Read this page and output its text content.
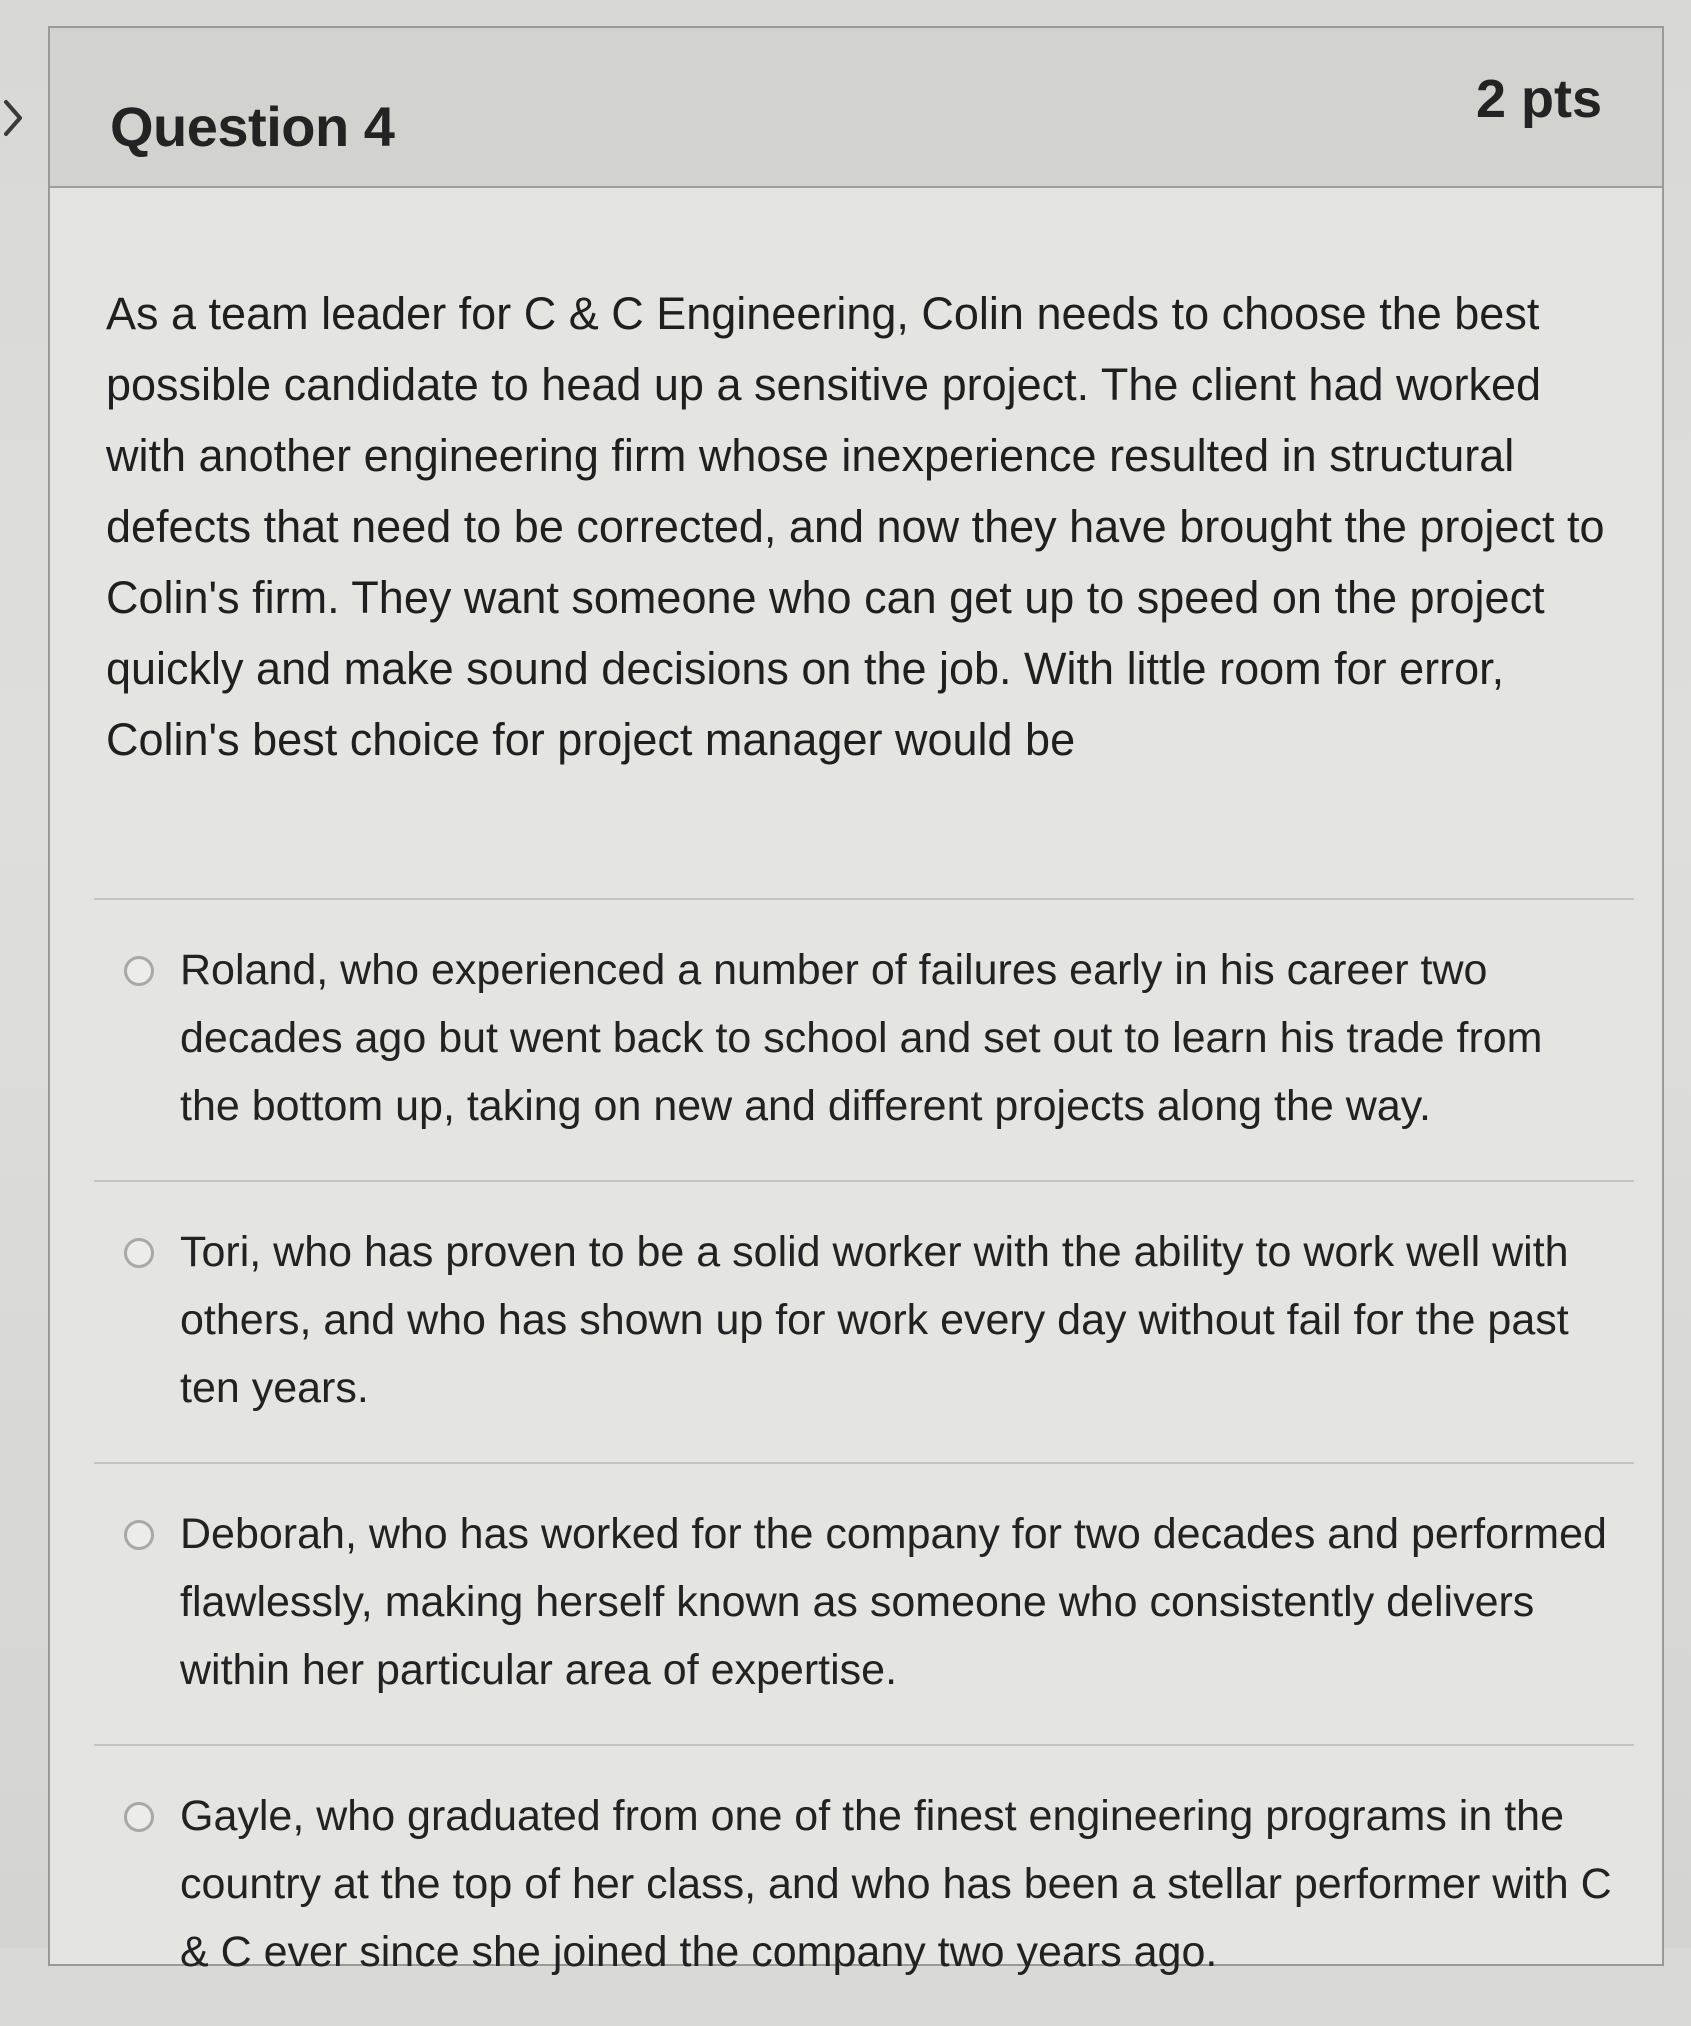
Question 4	2 pts
As a team leader for C & C Engineering, Colin needs to choose the best possible candidate to head up a sensitive project. The client had worked with another engineering firm whose inexperience resulted in structural defects that need to be corrected, and now they have brought the project to Colin's firm. They want someone who can get up to speed on the project quickly and make sound decisions on the job. With little room for error, Colin's best choice for project manager would be
Roland, who experienced a number of failures early in his career two decades ago but went back to school and set out to learn his trade from the bottom up, taking on new and different projects along the way.
Tori, who has proven to be a solid worker with the ability to work well with others, and who has shown up for work every day without fail for the past ten years.
Deborah, who has worked for the company for two decades and performed flawlessly, making herself known as someone who consistently delivers within her particular area of expertise.
Gayle, who graduated from one of the finest engineering programs in the country at the top of her class, and who has been a stellar performer with C & C ever since she joined the company two years ago.
